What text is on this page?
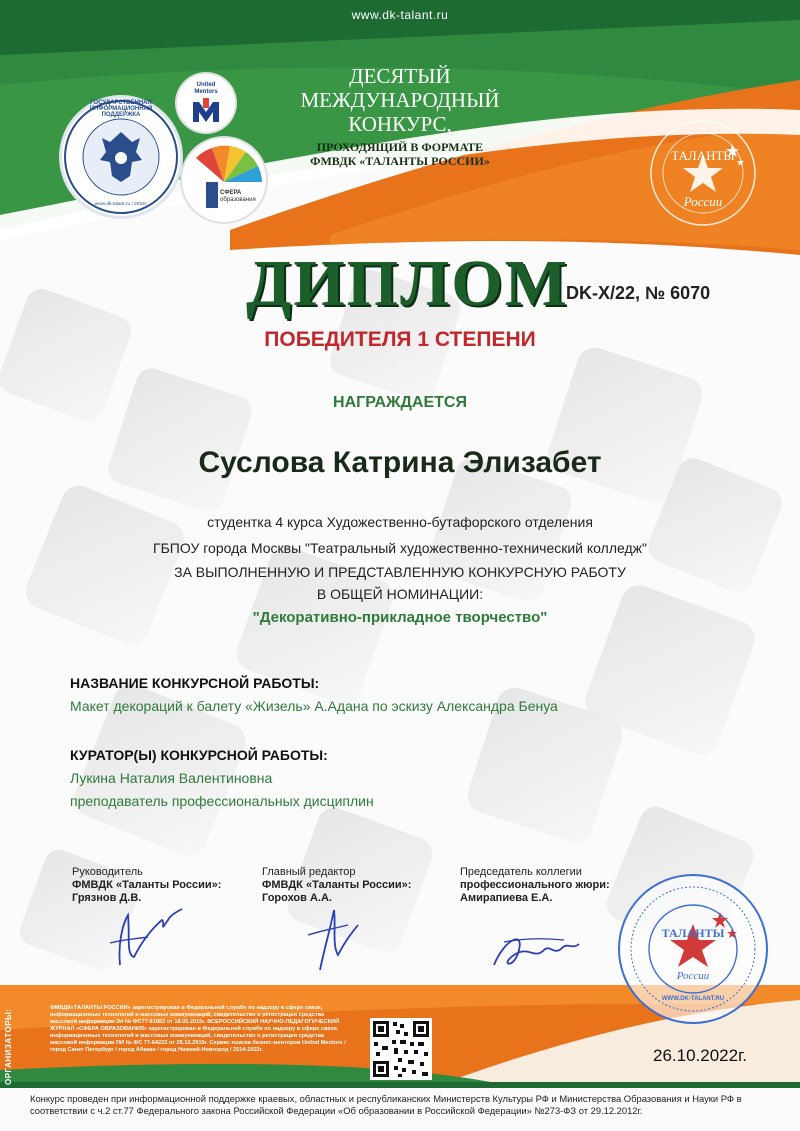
www.dk-talant.ru
ГОСУДАРСТВЕННАЯ ИНФОРМАЦИОННАЯ ПОДДЕРЖКА
www.dk-talant.ru / 2022г.
United
Mentors
СФЕРА
образования
ДЕСЯТЫЙ
МЕЖДУНАРОДНЫЙ
КОНКУРС,
ПРОХОДЯЩИЙ В ФОРМАТЕ
ФМВДК «ТАЛАНТЫ РОССИИ»	ТАЛАНТЫ
России
ДИПЛОМ
DK-X/22, № 6070
ПОБЕДИТЕЛЯ 1 СТЕПЕНИ
НАГРАЖДАЕТСЯ
Суслова Катрина Элизабет
студентка 4 курса Художественно-бутафорского отделения
ГБПОУ города Москвы "Театральный художественно-технический колледж"
ЗА ВЫПОЛНЕННУЮ И ПРЕДСТАВЛЕННУЮ КОНКУРСНУЮ РАБОТУ
В ОБЩЕЙ НОМИНАЦИИ:
"Декоративно-прикладное творчество"
НАЗВАНИЕ КОНКУРСНОЙ РАБОТЫ:
Макет декораций к балету «Жизель» А.Адана по эскизу Александра Бенуа
КУРАТОР(Ы) КОНКУРСНОЙ РАБОТЫ:
Лукина Наталия Валентиновна
преподаватель профессиональных дисциплин
Руководитель
ФМВДК «Таланты России»:
Грязнов Д.В.
Главный редактор
ФМВДК «Таланты России»:
Горохов А.А.
Председатель коллегии
профессионального жюри:
Амирапиева Е.А.
ТАЛАНТЫ
России
WWW.DK-TALANT.RU
ОРГАНИЗАТОРЫ:
ФМВДК«ТАЛАНТЫ РОССИИ» зарегистрирован в Федеральной службе по надзору в сфере связи, информационных технологий и массовых коммуникаций, свидетельство о регистрации средства массовой информации Эл № ФС77-61883 от 18.05.2015г. ВСЕРОССИЙСКИЙ НАУЧНО-ПЕДАГОГИЧЕСКИЙ ЖУРНАЛ «СФЕРА ОБРАЗОВАНИЯ» зарегистрирован в Федеральной службе по надзору в сфере связи, информационных технологий и массовых коммуникаций, свидетельство о регистрации средства массовой информации ПИ № ФС 77-64222 от 25.12.2015г. Сервис поиска бизнес-менторов United Mentors / город Санкт Петербург / город Абакан / город Нижний-Новгород / 2014-2022г.	26.10.2022г.
Конкурс проведен при информационной поддержке краевых, областных и республиканских Министерств Культуры РФ и Министерства Образования и Науки РФ в соответствии с ч.2 ст.77 Федерального закона Российской Федерации «Об образовании в Российской Федерации» №273-ФЗ от 29.12.2012г.
